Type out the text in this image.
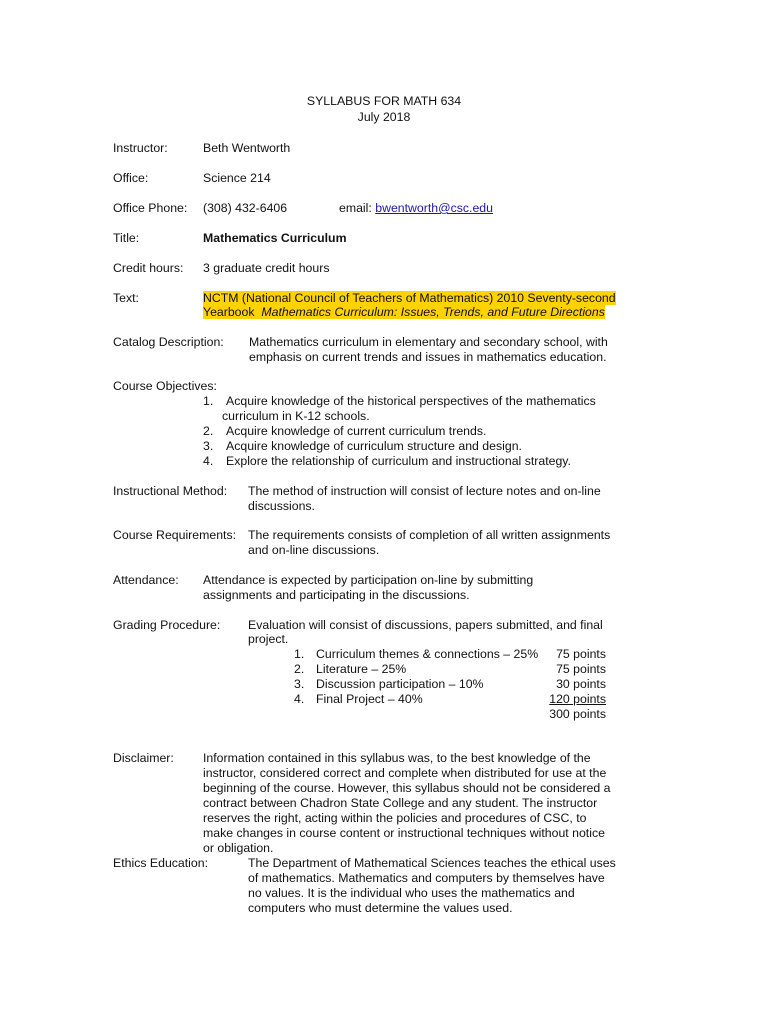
SYLLABUS FOR MATH 634
July 2018
Instructor:	Beth Wentworth
Office:	Science 214
Office Phone: (308) 432-6406	email: bwentworth@csc.edu
Title:	Mathematics Curriculum
Credit hours: 3 graduate credit hours
Text:	NCTM (National Council of Teachers of Mathematics) 2010 Seventy-second
Yearbook Mathematics Curriculum: Issues, Trends, and Future Directions
Catalog Description: Mathematics curriculum in elementary and secondary school, with
emphasis on current trends and issues in mathematics education.
Course Objectives:
1. Acquire knowledge of the historical perspectives of the mathematics
curriculum in K-12 schools.
2. Acquire knowledge of current curriculum trends.
3. Acquire knowledge of curriculum structure and design.
4. Explore the relationship of curriculum and instructional strategy.
Instructional Method: The method of instruction will consist of lecture notes and on-line
discussions.
Course Requirements: The requirements consists of completion of all written assignments
and on-line discussions.
Attendance: Attendance is expected by participation on-line by submitting
assignments and participating in the discussions.
Grading Procedure: Evaluation will consist of discussions, papers submitted, and final
project.
1. Curriculum themes & connections – 25%	75 points
2. Literature – 25%	75 points
3. Discussion participation – 10%	30 points
4. Final Project – 40%	120 points
300 points
Disclaimer: Information contained in this syllabus was, to the best knowledge of the
instructor, considered correct and complete when distributed for use at the
beginning of the course. However, this syllabus should not be considered a
contract between Chadron State College and any student. The instructor
reserves the right, acting within the policies and procedures of CSC, to
make changes in course content or instructional techniques without notice
or obligation.
Ethics Education:	The Department of Mathematical Sciences teaches the ethical uses
of mathematics. Mathematics and computers by themselves have
no values. It is the individual who uses the mathematics and
computers who must determine the values used.
